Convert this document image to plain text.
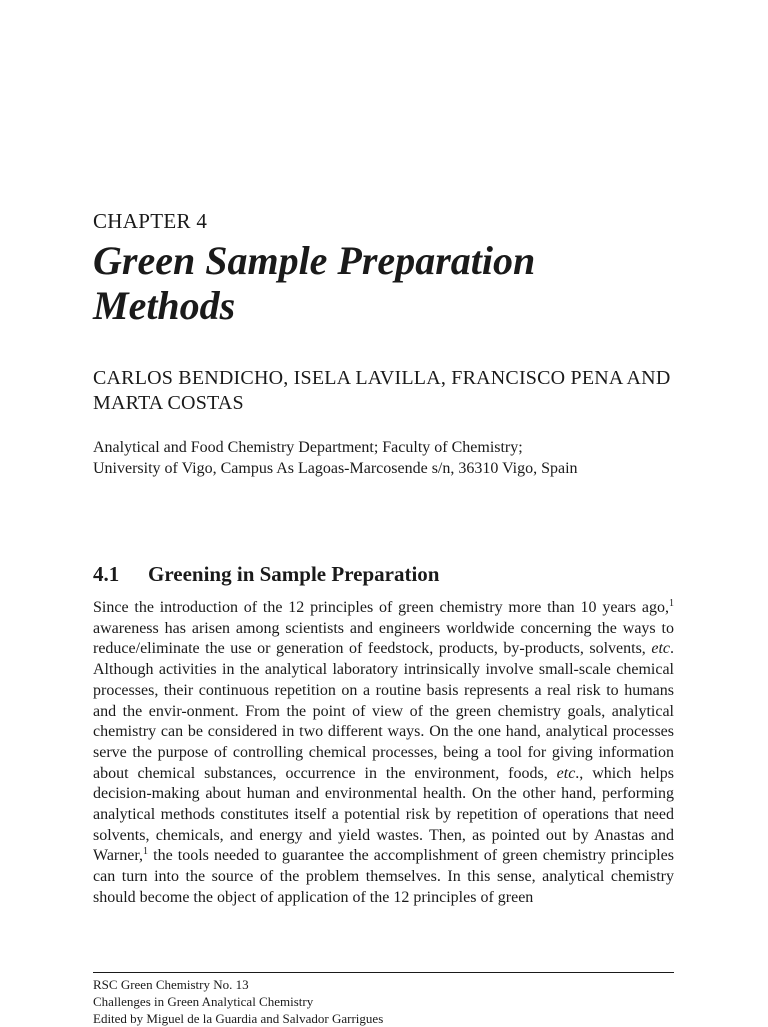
CHAPTER 4
Green Sample Preparation Methods
CARLOS BENDICHO, ISELA LAVILLA, FRANCISCO PENA AND MARTA COSTAS
Analytical and Food Chemistry Department; Faculty of Chemistry;
University of Vigo, Campus As Lagoas-Marcosende s/n, 36310 Vigo, Spain
4.1 Greening in Sample Preparation

Since the introduction of the 12 principles of green chemistry more than 10 years ago,$^1$ awareness has arisen among scientists and engineers worldwide concerning the ways to reduce/eliminate the use or generation of feedstock, products, by-products, solvents, etc. Although activities in the analytical laboratory intrinsically involve small-scale chemical processes, their continuous repetition on a routine basis represents a real risk to humans and the envir-onment. From the point of view of the green chemistry goals, analytical chemistry can be considered in two different ways. On the one hand, analytical processes serve the purpose of controlling chemical processes, being a tool for giving information about chemical substances, occurrence in the environment, foods, etc., which helps decision-making about human and environmental health. On the other hand, performing analytical methods constitutes itself a potential risk by repetition of operations that need solvents, chemicals, and energy and yield wastes. Then, as pointed out by Anastas and Warner,$^1$ the tools needed to guarantee the accomplishment of green chemistry principles can turn into the source of the problem themselves. In this sense, analytical chemistry should become the object of application of the 12 principles of green

RSC Green Chemistry No. 13
Challenges in Green Analytical Chemistry
Edited by Miguel de la Guardia and Salvador Garrigues
